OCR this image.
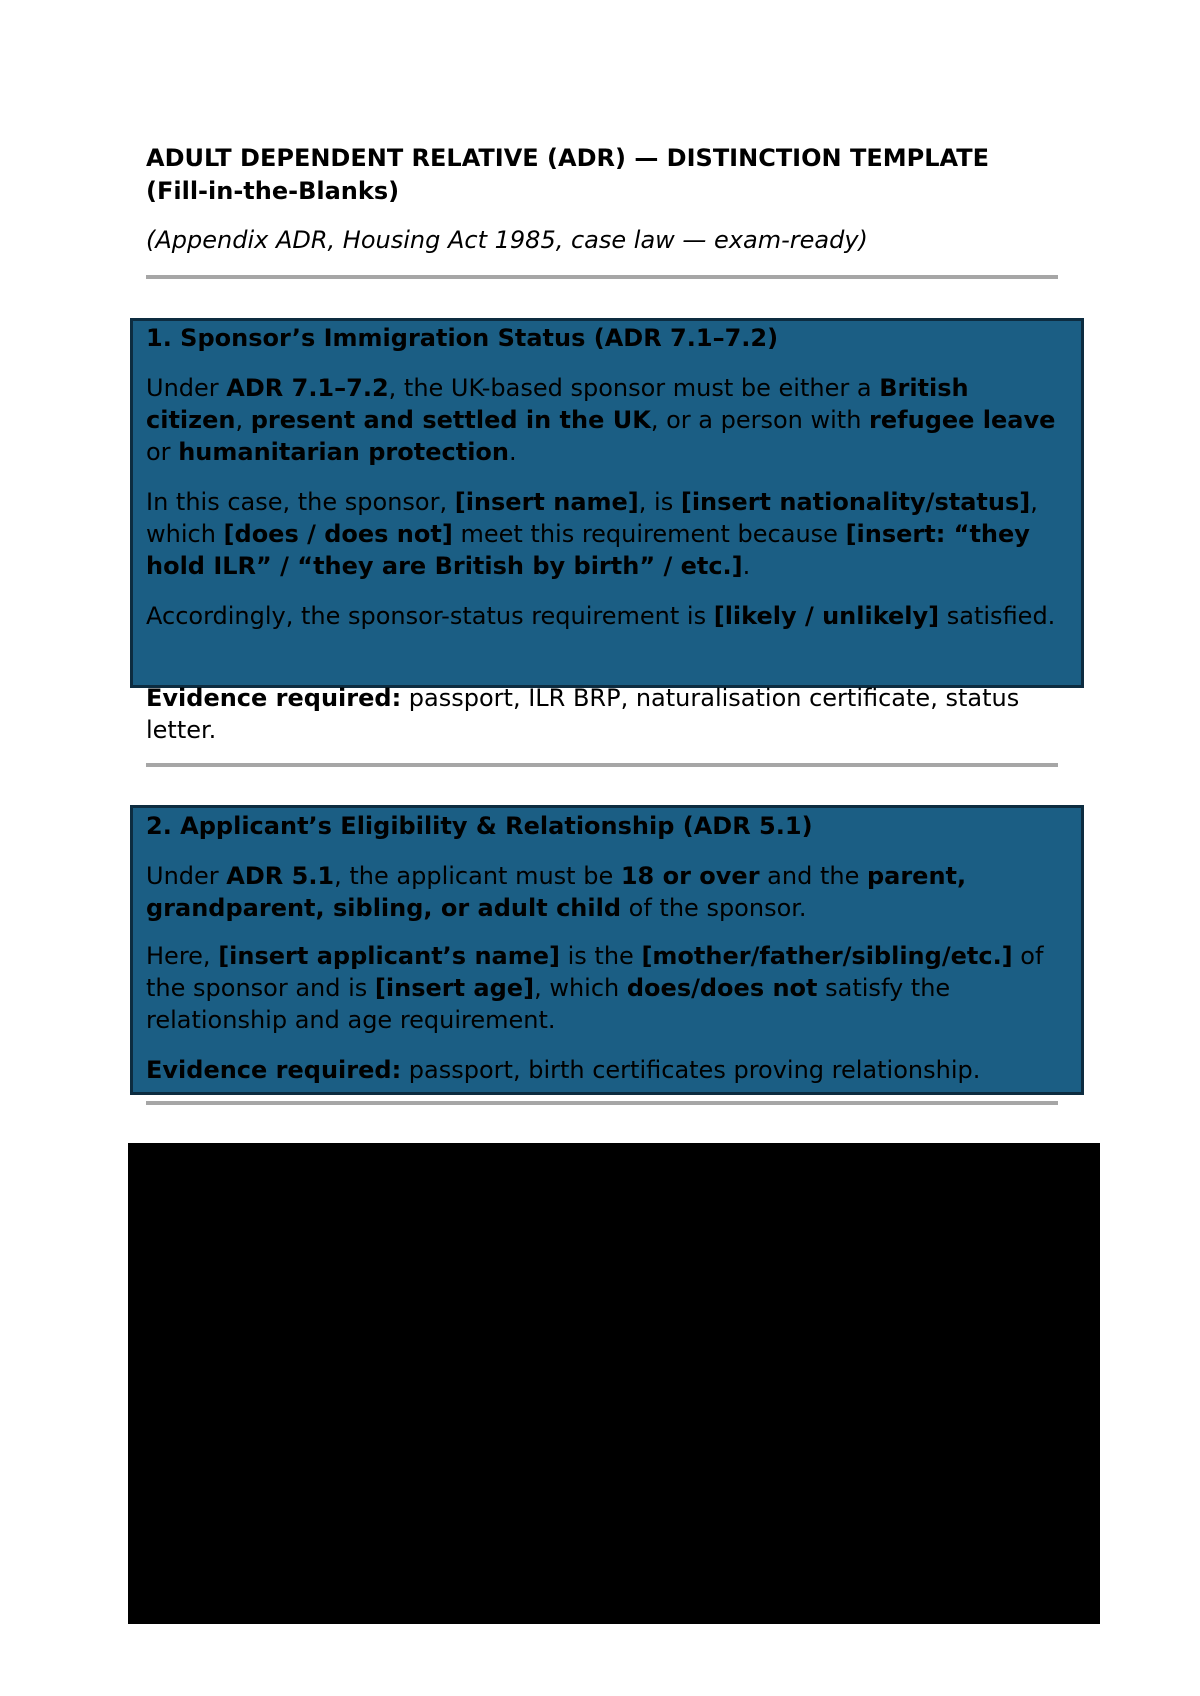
ADULT DEPENDENT RELATIVE (ADR) — DISTINCTION TEMPLATE
(Fill-in-the-Blanks)

(Appendix ADR, Housing Act 1985, case law — exam-ready)

1. Sponsor’s Immigration Status (ADR 7.1–7.2)

Under ADR 7.1–7.2, the UK-based sponsor must be either a British citizen, present and settled in the UK, or a person with refugee leave or humanitarian protection.

In this case, the sponsor, [insert name], is [insert nationality/status], which [does / does not] meet this requirement because [insert: “they hold ILR” / “they are British by birth” / etc.].

Accordingly, the sponsor-status requirement is [likely / unlikely] satisfied.

Evidence required: passport, ILR BRP, naturalisation certificate, status letter.

2. Applicant’s Eligibility & Relationship (ADR 5.1)

Under ADR 5.1, the applicant must be 18 or over and the parent, grandparent, sibling, or adult child of the sponsor.

Here, [insert applicant’s name] is the [mother/father/sibling/etc.] of the sponsor and is [insert age], which does/does not satisfy the relationship and age requirement.

Evidence required: passport, birth certificates proving relationship.
